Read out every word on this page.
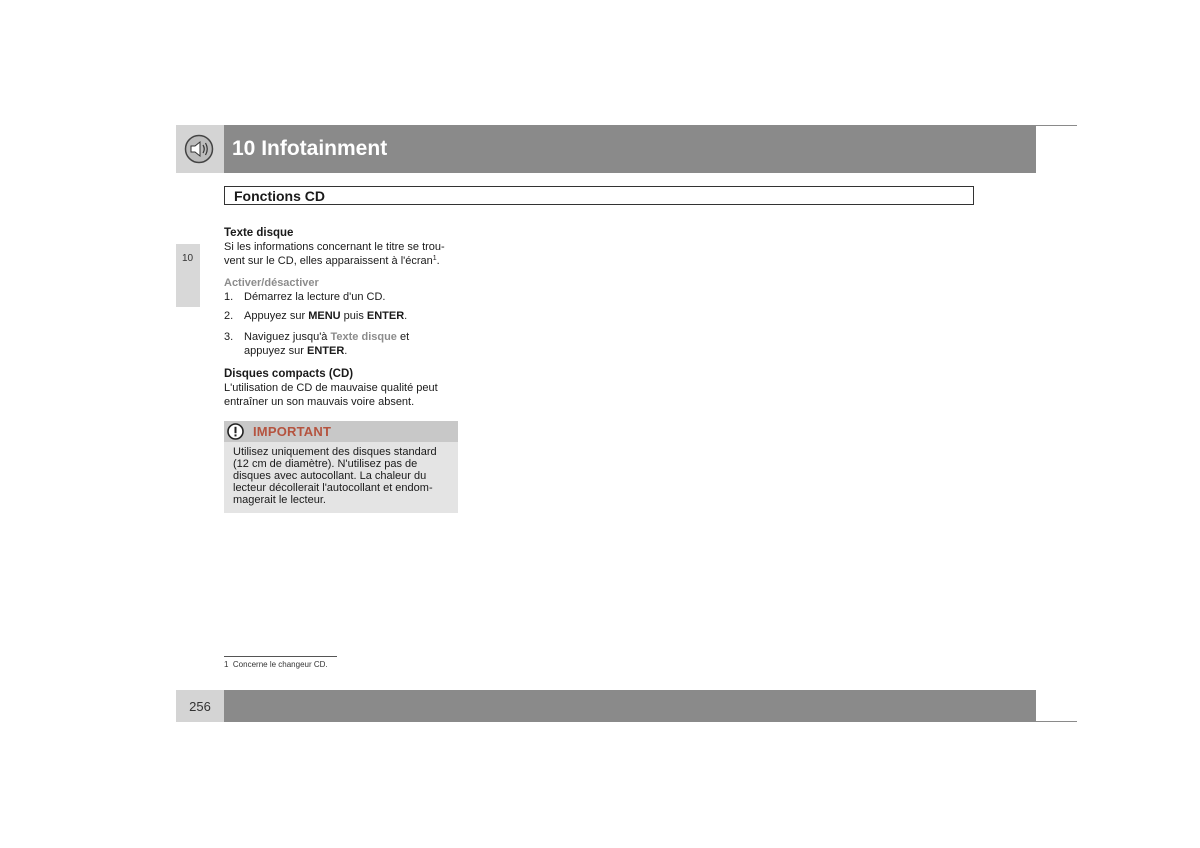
10 Infotainment
Fonctions CD
10
Texte disque
Si les informations concernant le titre se trou-
vent sur le CD, elles apparaissent à l'écran$^1$.
Activer/désactiver
1. Démarrez la lecture d'un CD.
2. Appuyez sur MENU puis ENTER.
3. Naviguez jusqu'à Texte disque et
appuyez sur ENTER.
Disques compacts (CD)
L'utilisation de CD de mauvaise qualité peut
entraîner un son mauvais voire absent.
IMPORTANT
Utilisez uniquement des disques standard
(12 cm de diamètre). N'utilisez pas de
disques avec autocollant. La chaleur du
lecteur décollerait l'autocollant et endom-
magerait le lecteur.
1 Concerne le changeur CD.
256
